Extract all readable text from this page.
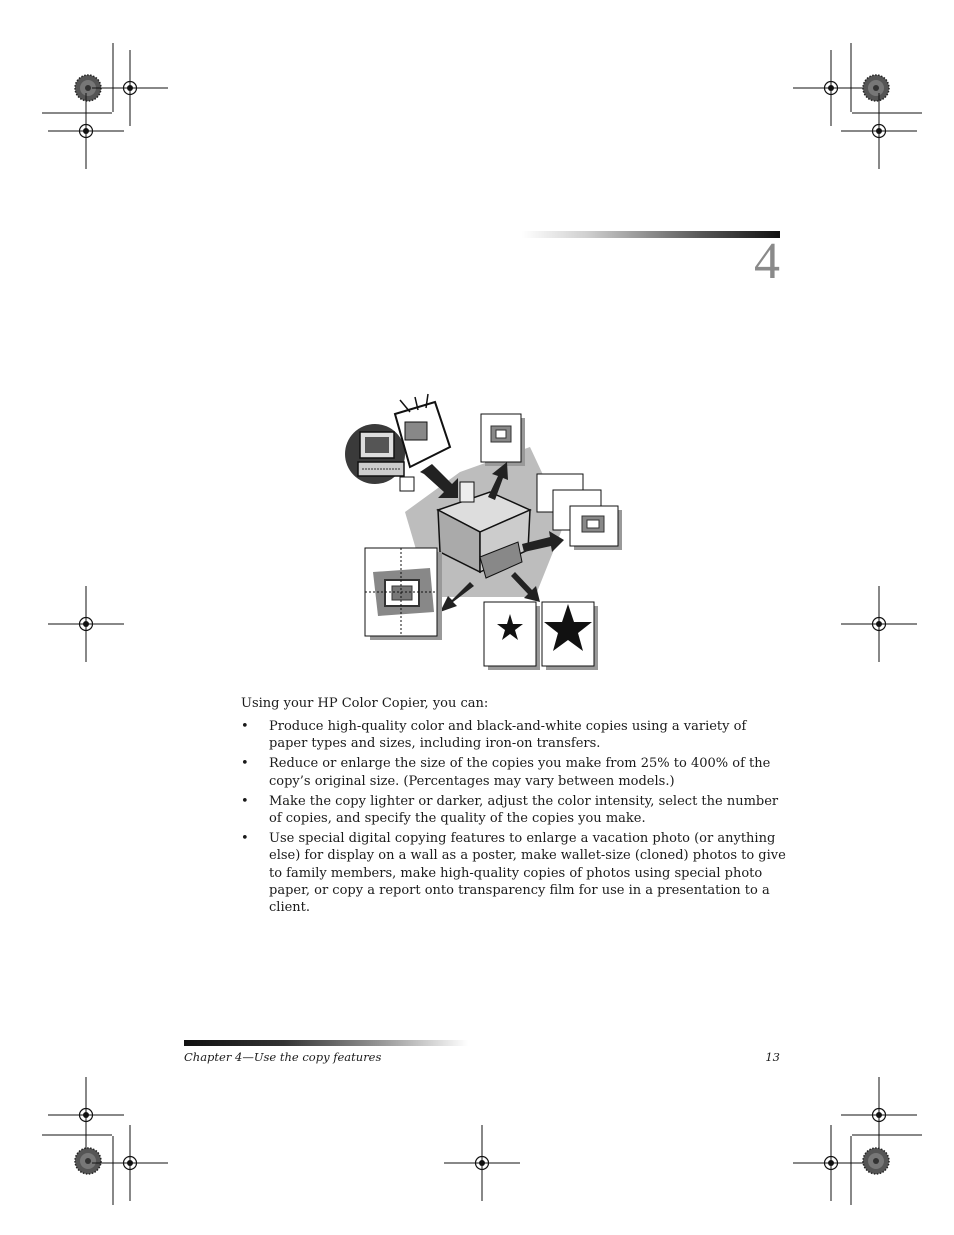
4
Using your HP Color Copier, you can:
• Produce high-quality color and black-and-white copies using a variety of paper types and sizes, including iron-on transfers.
• Reduce or enlarge the size of the copies you make from 25% to 400% of the copy’s original size. (Percentages may vary between models.)
• Make the copy lighter or darker, adjust the color intensity, select the number of copies, and specify the quality of the copies you make.
• Use special digital copying features to enlarge a vacation photo (or anything else) for display on a wall as a poster, make wallet-size (cloned) photos to give to family members, make high-quality copies of photos using special photo paper, or copy a report onto transparency film for use in a presentation to a client.
Chapter 4—Use the copy features	13
